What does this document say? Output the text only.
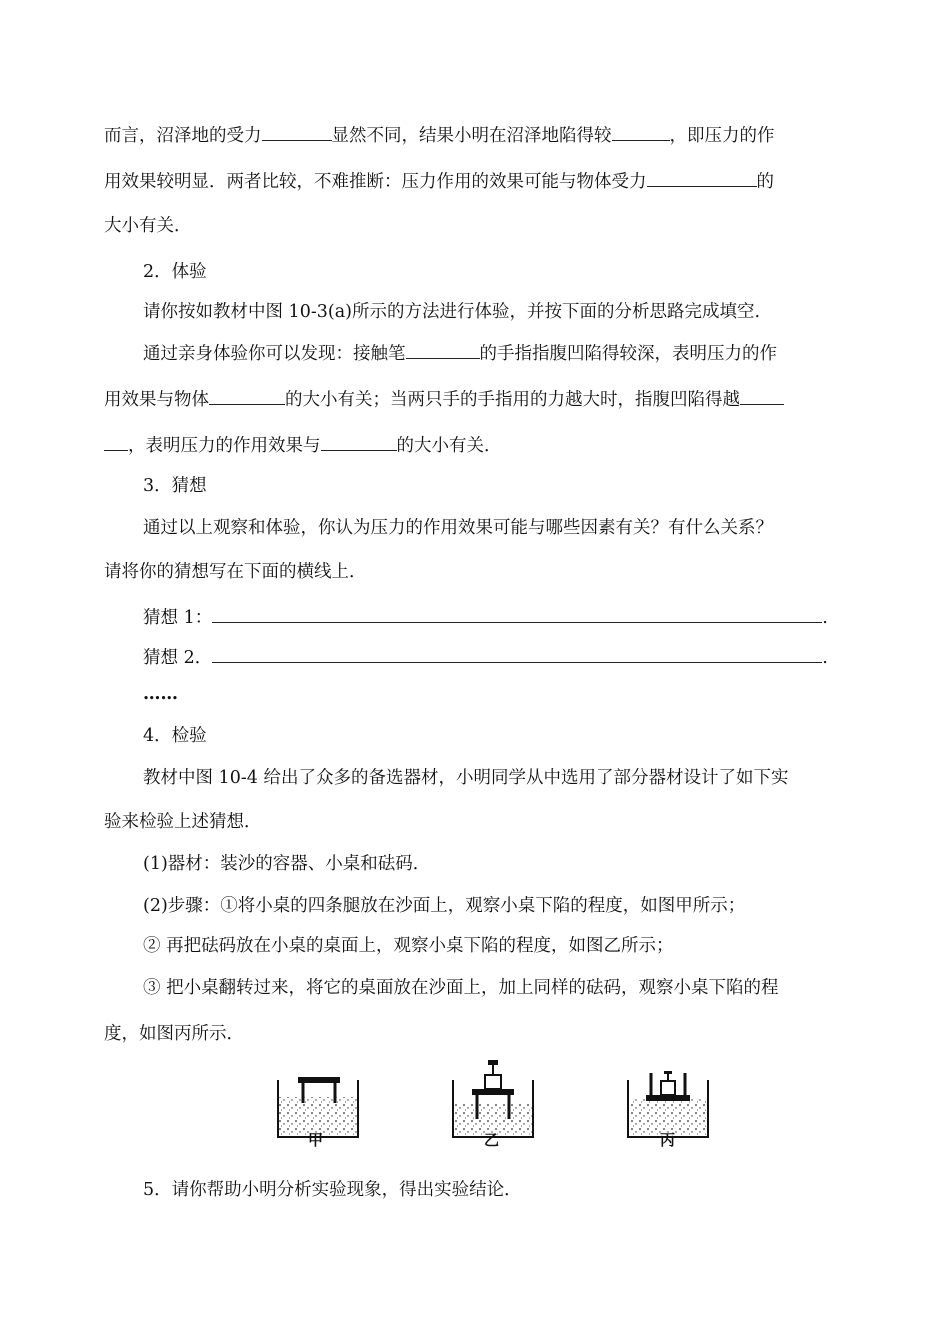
而言，沼泽地的受力	显然不同，结果小明在沼泽地陷得较	，即压力的作
用效果较明显．两者比较，不难推断：压力作用的效果可能与物体受力	的
大小有关．
2．体验
请你按如教材中图 10-3(a)所示的方法进行体验，并按下面的分析思路完成填空.
通过亲身体验你可以发现：接触笔	的手指指腹凹陷得较深，表明压力的作
用效果与物体	的大小有关；当两只手的手指用的力越大时，指腹凹陷得越
，表明压力的作用效果与	的大小有关．
3．猜想
通过以上观察和体验，你认为压力的作用效果可能与哪些因素有关？有什么关系？
请将你的猜想写在下面的横线上．
猜想 1：	.
猜想 2．	.
……
4．检验
教材中图 10-4 给出了众多的备选器材，小明同学从中选用了部分器材设计了如下实
验来检验上述猜想．
(1)器材：装沙的容器、小桌和砝码．
(2)步骤：①将小桌的四条腿放在沙面上，观察小桌下陷的程度，如图甲所示；
② 再把砝码放在小桌的桌面上，观察小桌下陷的程度，如图乙所示；
③ 把小桌翻转过来，将它的桌面放在沙面上，加上同样的砝码，观察小桌下陷的程
度，如图丙所示．
甲	乙	丙
5．请你帮助小明分析实验现象，得出实验结论．
